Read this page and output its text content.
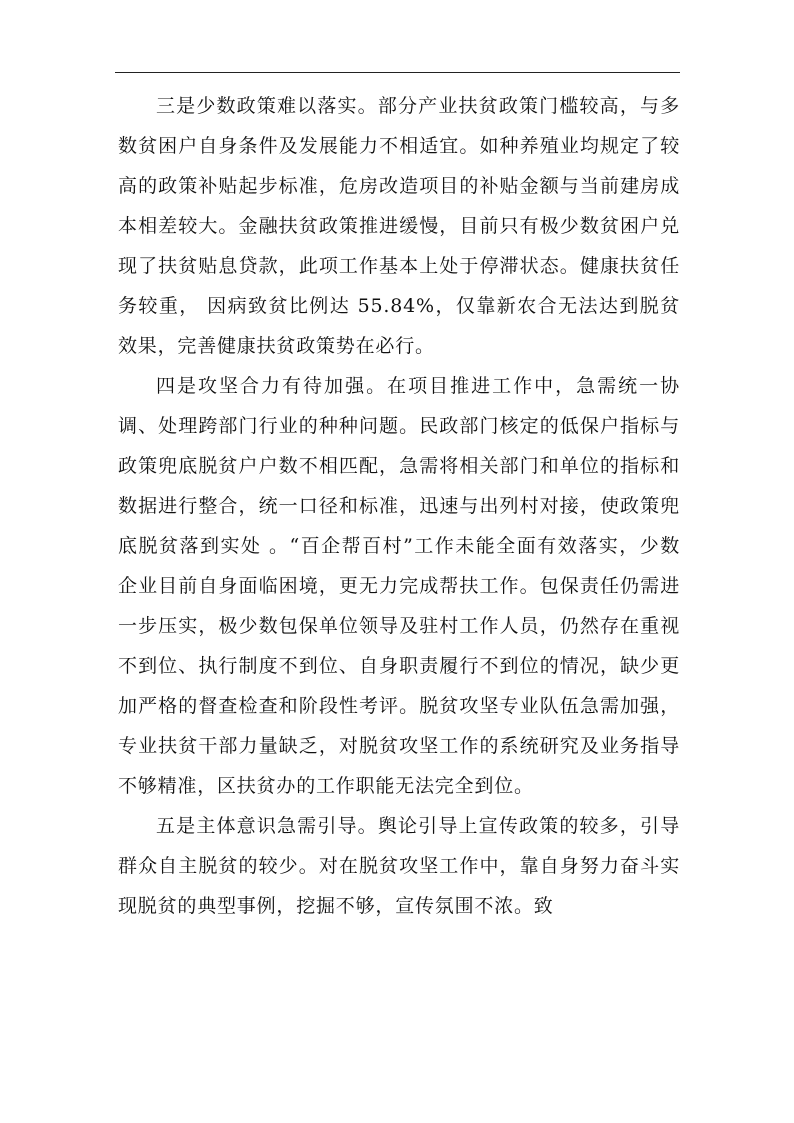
三是少数政策难以落实。部分产业扶贫政策门槛较高，与多数贫困户自身条件及发展能力不相适宜。如种养殖业均规定了较高的政策补贴起步标准，危房改造项目的补贴金额与当前建房成本相差较大。金融扶贫政策推进缓慢，目前只有极少数贫困户兑现了扶贫贴息贷款，此项工作基本上处于停滞状态。健康扶贫任务较重， 因病致贫比例达 55.84%，仅靠新农合无法达到脱贫效果，完善健康扶贫政策势在必行。

四是攻坚合力有待加强。在项目推进工作中，急需统一协调、处理跨部门行业的种种问题。民政部门核定的低保户指标与政策兜底脱贫户户数不相匹配，急需将相关部门和单位的指标和数据进行整合，统一口径和标准，迅速与出列村对接，使政策兜底脱贫落到实处 。“百企帮百村”工作未能全面有效落实，少数企业目前自身面临困境，更无力完成帮扶工作。包保责任仍需进一步压实，极少数包保单位领导及驻村工作人员，仍然存在重视不到位、执行制度不到位、自身职责履行不到位的情况，缺少更加严格的督查检查和阶段性考评。脱贫攻坚专业队伍急需加强，专业扶贫干部力量缺乏，对脱贫攻坚工作的系统研究及业务指导不够精准，区扶贫办的工作职能无法完全到位。

五是主体意识急需引导。舆论引导上宣传政策的较多，引导群众自主脱贫的较少。对在脱贫攻坚工作中，靠自身努力奋斗实现脱贫的典型事例，挖掘不够，宣传氛围不浓。致
